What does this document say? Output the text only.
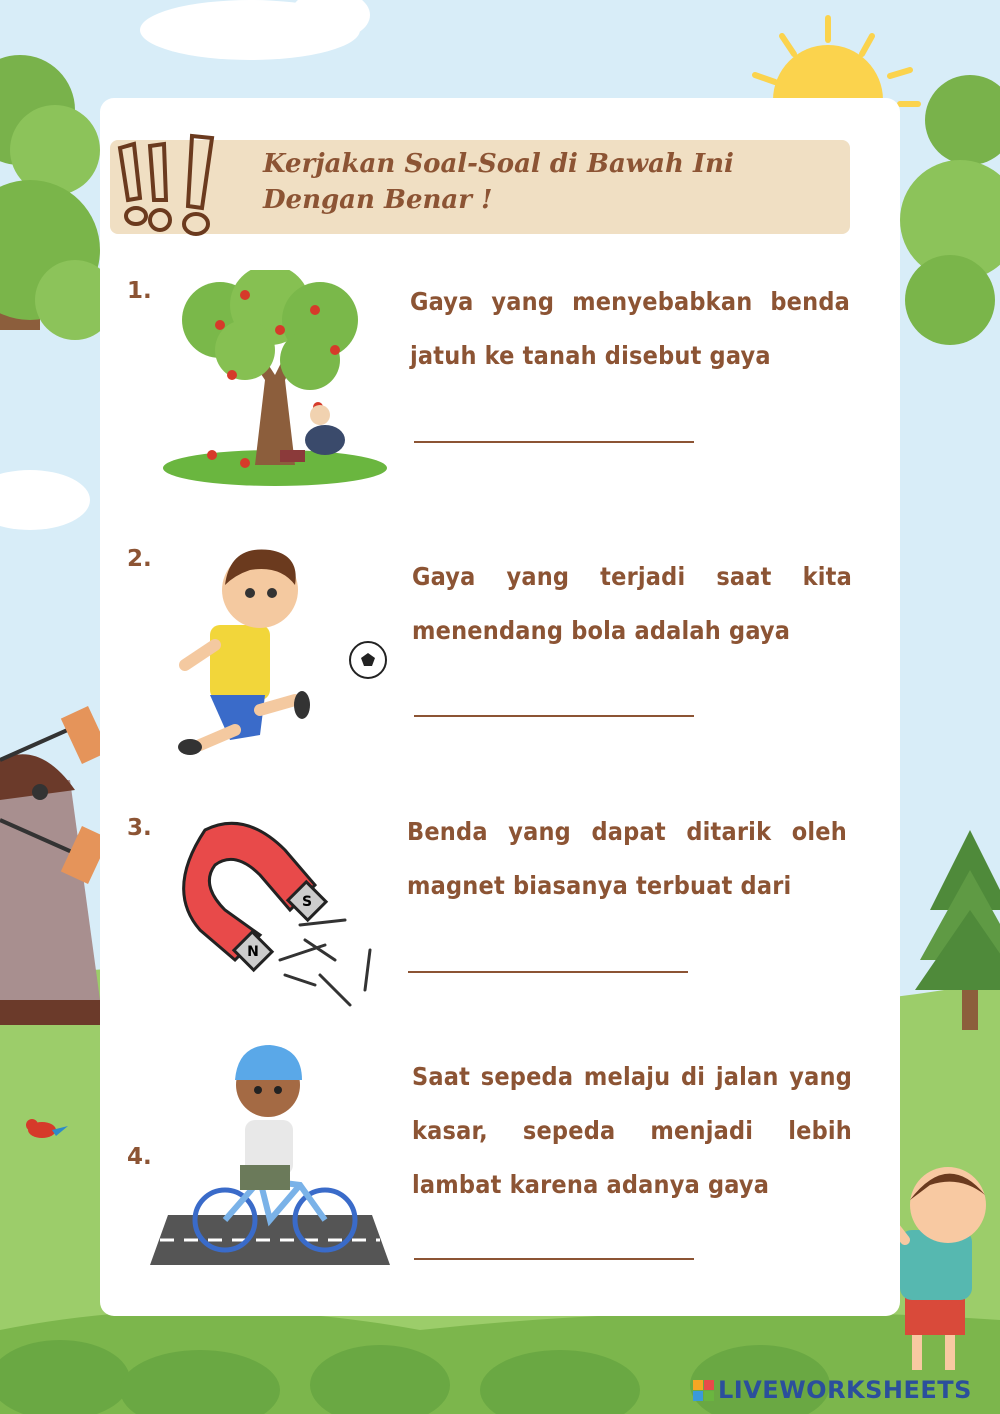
Kerjakan Soal-Soal di Bawah Ini
Dengan Benar !
1.	Gaya yang menyebabkan benda jatuh ke tanah disebut gaya
2.
Gaya yang terjadi saat kita menendang bola adalah gaya
3.
S
N
Benda yang dapat ditarik oleh magnet biasanya terbuat dari
4.
Saat sepeda melaju di jalan yang kasar, sepeda menjadi lebih lambat karena adanya gaya
LIVEWORKSHEETS
